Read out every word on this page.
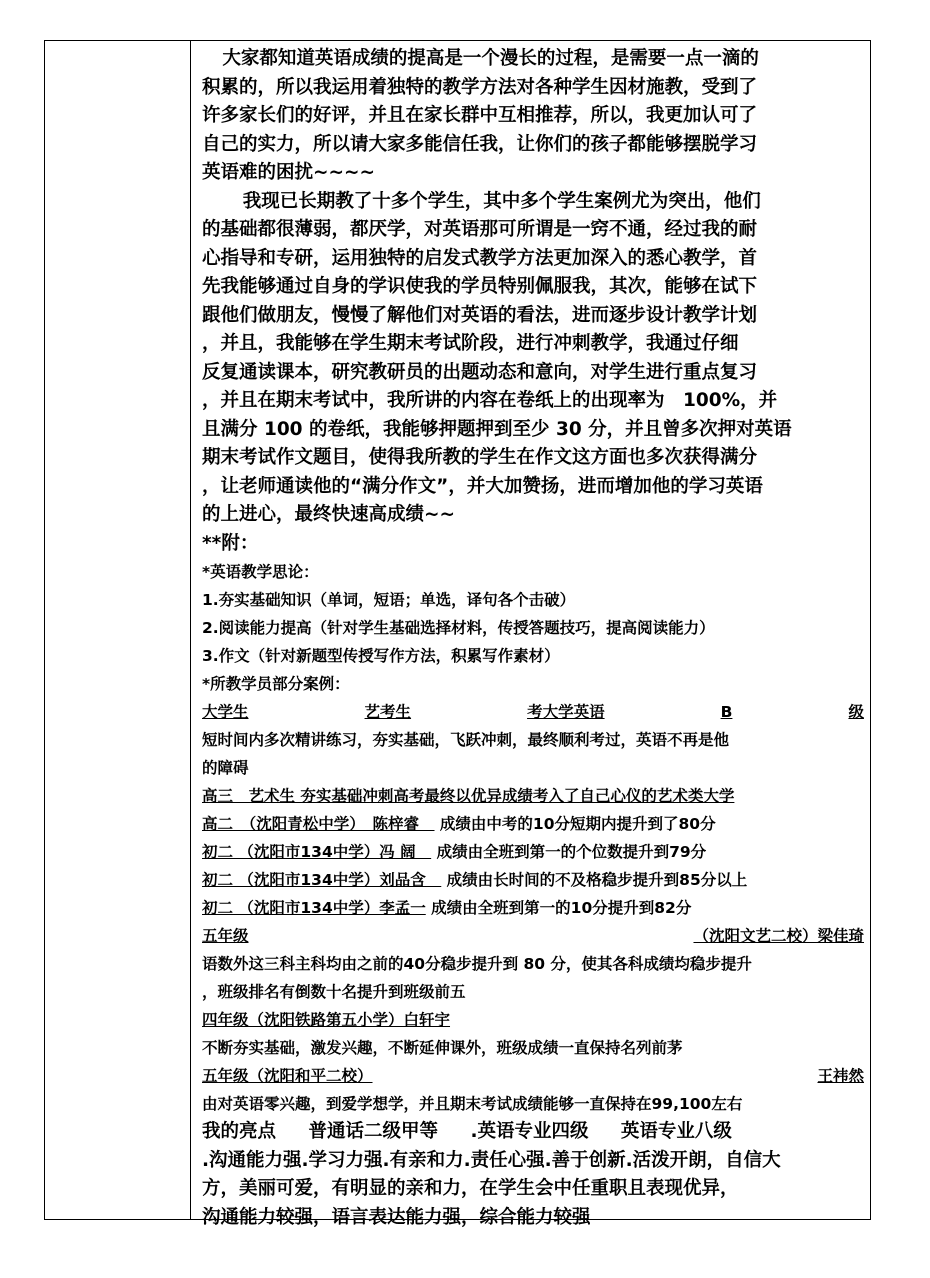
大家都知道英语成绩的提高是一个漫长的过程，是需要一点一滴的
积累的，所以我运用着独特的教学方法对各种学生因材施教，受到了
许多家长们的好评，并且在家长群中互相推荐，所以，我更加认可了
自己的实力，所以请大家多能信任我，让你们的孩子都能够摆脱学习
英语难的困扰~~~~
我现已长期教了十多个学生，其中多个学生案例尤为突出，他们
的基础都很薄弱，都厌学，对英语那可所谓是一窍不通，经过我的耐
心指导和专研，运用独特的启发式教学方法更加深入的悉心教学，首
先我能够通过自身的学识使我的学员特别佩服我，其次，能够在试下
跟他们做朋友，慢慢了解他们对英语的看法，进而逐步设计教学计划
，并且，我能够在学生期末考试阶段，进行冲刺教学，我通过仔细
反复通读课本，研究教研员的出题动态和意向，对学生进行重点复习
，并且在期末考试中，我所讲的内容在卷纸上的出现率为　100%，并
且满分 100 的卷纸，我能够押题押到至少 30 分，并且曾多次押对英语
期末考试作文题目，使得我所教的学生在作文这方面也多次获得满分
，让老师通读他的“满分作文”，并大加赞扬，进而增加他的学习英语
的上进心，最终快速高成绩~~
**附：
*英语教学思论：
1.夯实基础知识（单词，短语；单选，译句各个击破）
2.阅读能力提高（针对学生基础选择材料，传授答题技巧，提高阅读能力）
3.作文（针对新题型传授写作方法，积累写作素材）
*所教学员部分案例：
大学生	艺考生	考大学英语	B	级
短时间内多次精讲练习，夯实基础，飞跃冲刺，最终顺利考过，英语不再是他
的障碍
高三　艺术生 夯实基础冲刺高考最终以优异成绩考入了自己心仪的艺术类大学
高二　（沈阳青松中学）　陈梓睿　 成绩由中考的10分短期内提升到了80分
初二 （沈阳市134中学）冯 阔　 成绩由全班到第一的个位数提升到79分
初二 （沈阳市134中学）刘品含　 成绩由长时间的不及格稳步提升到85分以上
初二 （沈阳市134中学）李孟一 成绩由全班到第一的10分提升到82分
五年级	（沈阳文艺二校）梁佳琦
语数外这三科主科均由之前的40分稳步提升到 80 分，使其各科成绩均稳步提升
，班级排名有倒数十名提升到班级前五
四年级（沈阳铁路第五小学）白轩宇
不断夯实基础，激发兴趣，不断延伸课外，班级成绩一直保持名列前茅
五年级（沈阳和平二校）	王祎然
由对英语零兴趣，到爱学想学，并且期末考试成绩能够一直保持在99,100左右
我的亮点 普通话二级甲等 .英语专业四级 英语专业八级
.沟通能力强.学习力强.有亲和力.责任心强.善于创新.活泼开朗，自信大
方，美丽可爱，有明显的亲和力，在学生会中任重职且表现优异，
沟通能力较强，语言表达能力强，综合能力较强
